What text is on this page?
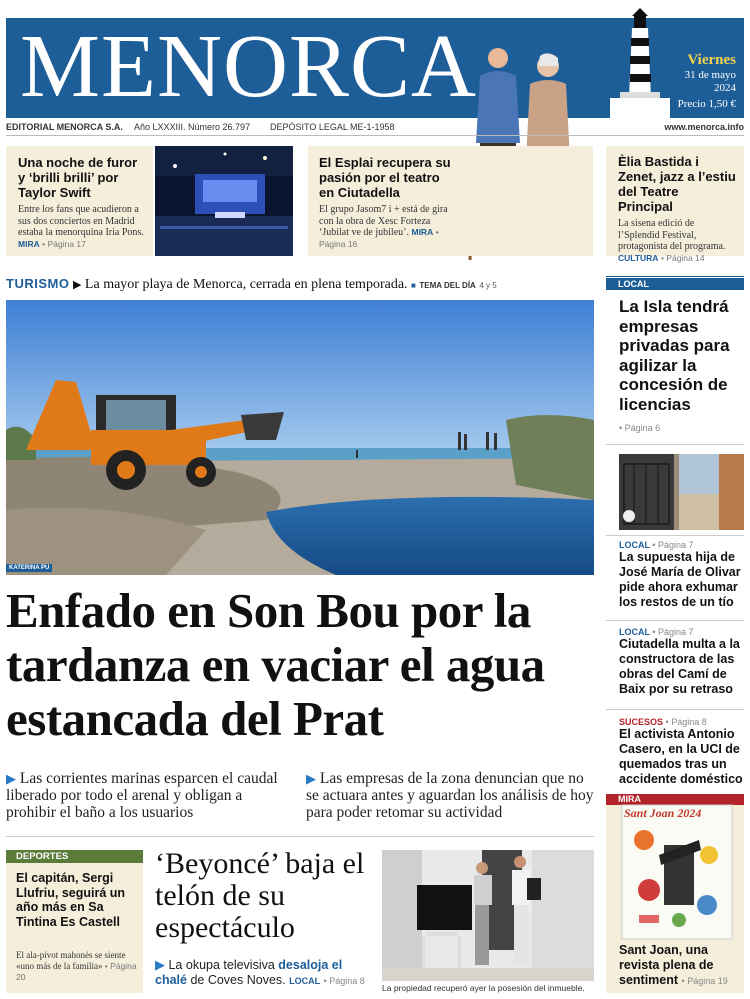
MENORCA	Viernes
31 de mayo
2024
Precio 1,50 €
EDITORIAL MENORCA S.A. Año LXXXIII. Número 26.797 DEPÓSITO LEGAL ME-1-1958	www.menorca.info
Una noche de furor y ‘brilli brilli’ por Taylor Swift
Entre los fans que acudieron a sus dos conciertos en Madrid estaba la menorquina Iria Pons. MIRA • Página 17
El Esplai recupera su pasión por el teatro en Ciutadella
El grupo Jasom7 i + está de gira con la obra de Xesc Forteza ‘Jubilat ve de jubileu’. MIRA • Página 16
Èlia Bastida i Zenet, jazz a l’estiu del Teatre Principal
La sisena edició de l’Splendid Festival, protagonista del programa. CULTURA • Página 14
TURISMO ▶ La mayor playa de Menorca, cerrada en plena temporada. ■ TEMA DEL DÍA 4 y 5
KATERINA PU
Enfado en Son Bou por la tardanza en vaciar el agua estancada del Prat
▶ Las corrientes marinas esparcen el caudal liberado por todo el arenal y obligan a prohibir el baño a los usuarios
▶ Las empresas de la zona denuncian que no se actuara antes y aguardan los análisis de hoy para poder retomar su actividad
DEPORTES
El capitán, Sergi Llufriu, seguirá un año más en Sa Tintina Es Castell
El ala-pívot mahonés se siente «uno más de la familia» • Página 20
‘Beyoncé’ baja el telón de su espectáculo
▶ La okupa televisiva desaloja el chalé de Coves Noves. LOCAL • Página 8
La propiedad recuperó ayer la posesión del inmueble.
LOCAL
La Isla tendrá empresas privadas para agilizar la concesión de licencias
• Página 6
LOCAL • Página 7
La supuesta hija de José María de Olivar pide ahora exhumar los restos de un tío
LOCAL • Página 7
Ciutadella multa a la constructora de las obras del Camí de Baix por su retraso
SUCESOS • Página 8
El activista Antonio Casero, en la UCI de quemados tras un accidente doméstico
MIRA
Sant Joan 2024
Sant Joan, una revista plena de sentiment • Página 19
